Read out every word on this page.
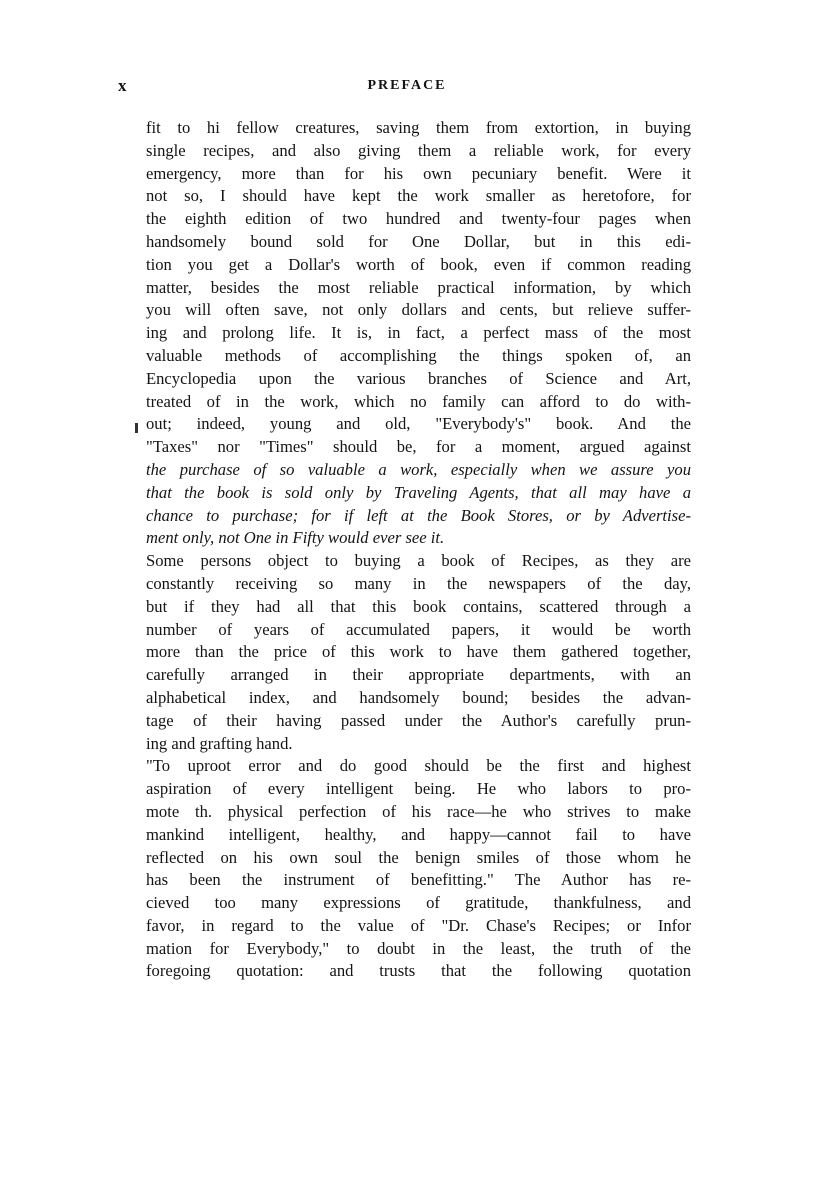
x	PREFACE
fit to hi fellow creatures, saving them from extortion, in buying
single recipes, and also giving them a reliable work, for every
emergency, more than for his own pecuniary benefit. Were it
not so, I should have kept the work smaller as heretofore, for
the eighth edition of two hundred and twenty-four pages when
handsomely bound sold for One Dollar, but in this edi-
tion you get a Dollar's worth of book, even if common reading
matter, besides the most reliable practical information, by which
you will often save, not only dollars and cents, but relieve suffer-
ing and prolong life. It is, in fact, a perfect mass of the most
valuable methods of accomplishing the things spoken of, an
Encyclopedia upon the various branches of Science and Art,
treated of in the work, which no family can afford to do with-
out; indeed, young and old, "Everybody's" book. And the
"Taxes" nor "Times" should be, for a moment, argued against
the purchase of so valuable a work, especially when we assure you
that the book is sold only by Traveling Agents, that all may have a
chance to purchase; for if left at the Book Stores, or by Advertise-
ment only, not One in Fifty would ever see it.
Some persons object to buying a book of Recipes, as they are
constantly receiving so many in the newspapers of the day,
but if they had all that this book contains, scattered through a
number of years of accumulated papers, it would be worth
more than the price of this work to have them gathered together,
carefully arranged in their appropriate departments, with an
alphabetical index, and handsomely bound; besides the advan-
tage of their having passed under the Author's carefully prun-
ing and grafting hand.
"To uproot error and do good should be the first and highest
aspiration of every intelligent being. He who labors to pro-
mote th. physical perfection of his race—he who strives to make
mankind intelligent, healthy, and happy—cannot fail to have
reflected on his own soul the benign smiles of those whom he
has been the instrument of benefitting." The Author has re-
cieved too many expressions of gratitude, thankfulness, and
favor, in regard to the value of "Dr. Chase's Recipes; or Infor
mation for Everybody," to doubt in the least, the truth of the
foregoing quotation: and trusts that the following quotation
